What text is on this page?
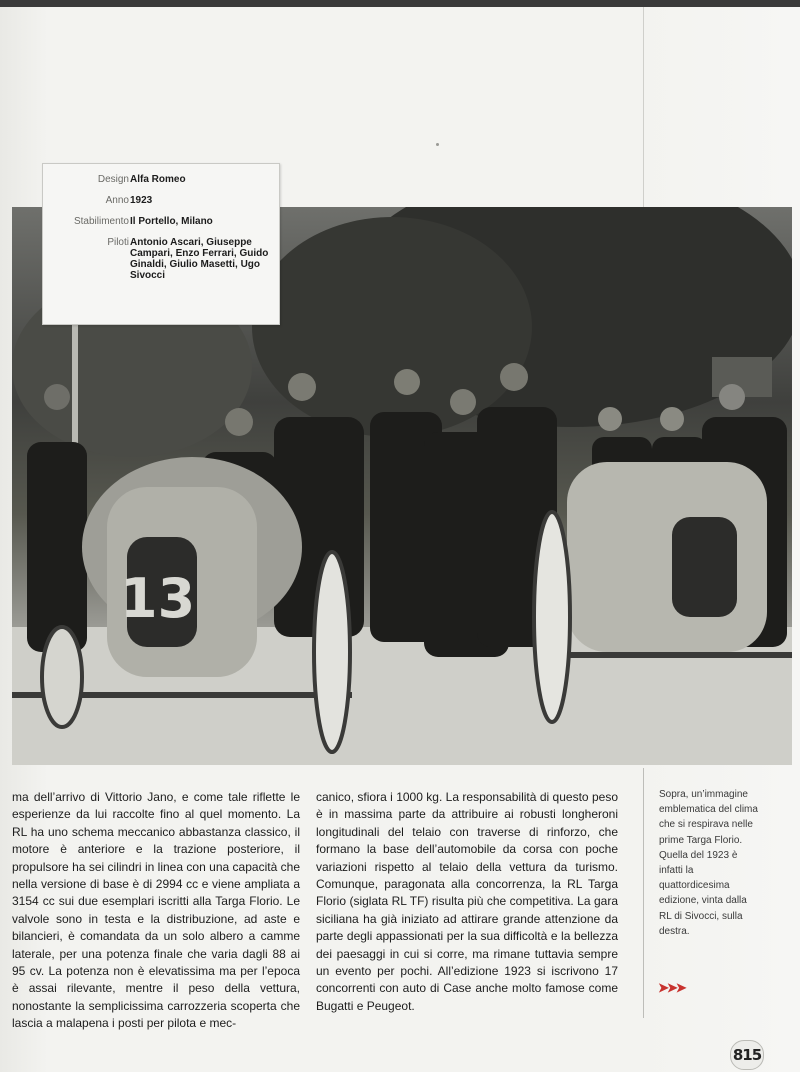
13
Design Alfa Romeo
Anno 1923
Stabilimento Il Portello, Milano
Piloti Antonio Ascari, Giuseppe Campari, Enzo Ferrari, Guido Ginaldi, Giulio Masetti, Ugo Sivocci
ma dell’arrivo di Vittorio Jano, e come tale riflette le esperienze da lui raccolte fino al quel momento. La RL ha uno schema meccanico abbastanza classico, il motore è anteriore e la trazione posteriore, il propulsore ha sei cilindri in linea con una capacità che nella versione di base è di 2994 cc e viene ampliata a 3154 cc sui due esemplari iscritti alla Targa Florio. Le valvole sono in testa e la distribuzione, ad aste e bilancieri, è comandata da un solo albero a camme laterale, per una potenza finale che varia dagli 88 ai 95 cv. La potenza non è elevatissima ma per l’epoca è assai rilevante, mentre il peso della vettura, nonostante la semplicissima carrozzeria scoperta che lascia a malapena i posti per pilota e mec-
canico, sfiora i 1000 kg. La responsabilità di questo peso è in massima parte da attribuire ai robusti longheroni longitudinali del telaio con traverse di rinforzo, che formano la base dell’automobile da corsa con poche variazioni rispetto al telaio della vettura da turismo. Comunque, paragonata alla concorrenza, la RL Targa Florio (siglata RL TF) risulta più che competitiva. La gara siciliana ha già iniziato ad attirare grande attenzione da parte degli appassionati per la sua difficoltà e la bellezza dei paesaggi in cui si corre, ma rimane tuttavia sempre un evento per pochi. All’edizione 1923 si iscrivono 17 concorrenti con auto di Case anche molto famose come Bugatti e Peugeot.
Sopra, un’immagine emblematica del clima che si respirava nelle prime Targa Florio. Quella del 1923 è infatti la quattordicesima edizione, vinta dalla RL di Sivocci, sulla destra.
➤➤➤
815
